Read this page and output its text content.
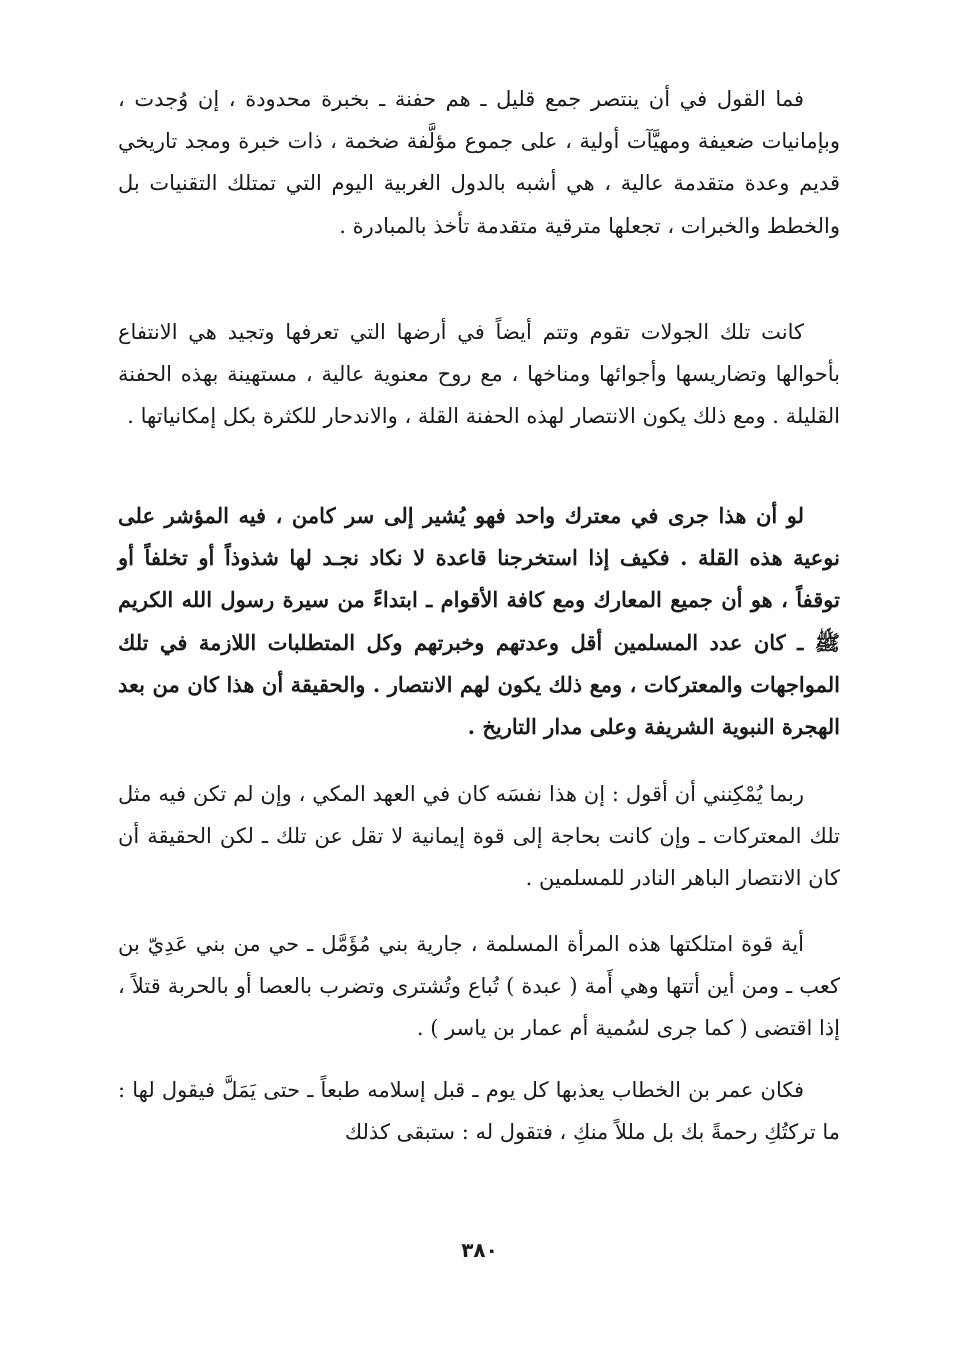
فما القول في أن ينتصر جمع قليل ـ هم حفنة ـ بخبرة محدودة ، إن وُجدت ، وبإمانيات ضعيفة ومهيَّآت أولية ، على جموع مؤلَّفة ضخمة ، ذات خبرة ومجد تاريخي قديم وعدة متقدمة عالية ، هي أشبه بالدول الغربية اليوم التي تمتلك التقنيات بل والخطط والخبرات ، تجعلها مترقية متقدمة تأخذ بالمبادرة .

كانت تلك الجولات تقوم وتتم أيضاً في أرضها التي تعرفها وتجيد هي الانتفاع بأحوالها وتضاريسها وأجوائها ومناخها ، مع روح معنوية عالية ، مستهينة بهذه الحفنة القليلة . ومع ذلك يكون الانتصار لهذه الحفنة القلة ، والاندحار للكثرة بكل إمكانياتها .

لو أن هذا جرى في معترك واحد فهو يُشير إلى سر كامن ، فيه المؤشر على نوعية هذه القلة . فكيف إذا استخرجنا قاعدة لا نكاد نجـد لها شذوذاً أو تخلفاً أو توقفاً ، هو أن جميع المعارك ومع كافة الأقوام ـ ابتداءً من سيرة رسول الله الكريم ﷺ ـ كان عدد المسلمين أقل وعدتهم وخبرتهم وكل المتطلبات اللازمة في تلك المواجهات والمعتركات ، ومع ذلك يكون لهم الانتصار . والحقيقة أن هذا كان من بعد الهجرة النبوية الشريفة وعلى مدار التاريخ .

ربما يُمْكِنني أن أقول : إن هذا نفسَه كان في العهد المكي ، وإن لم تكن فيه مثل تلك المعتركات ـ وإن كانت بحاجة إلى قوة إيمانية لا تقل عن تلك ـ لكن الحقيقة أن كان الانتصار الباهر النادر للمسلمين .

أية قوة امتلكتها هذه المرأة المسلمة ، جارية بني مُؤَمَّل ـ حي من بني عَدِيّ بن كعب ـ ومن أين أتتها وهي أَمة ( عبدة ) تُباع وتُشترى وتضرب بالعصا أو بالحربة قتلاً ، إذا اقتضى ( كما جرى لسُمية أم عمار بن ياسر ) .

فكان عمر بن الخطاب يعذبها كل يوم ـ قبل إسلامه طبعاً ـ حتى يَمَلَّ فيقول لها : ما تركتُكِ رحمةً بك بل مللاً منكِ ، فتقول له : ستبقى كذلك

٣٨٠
